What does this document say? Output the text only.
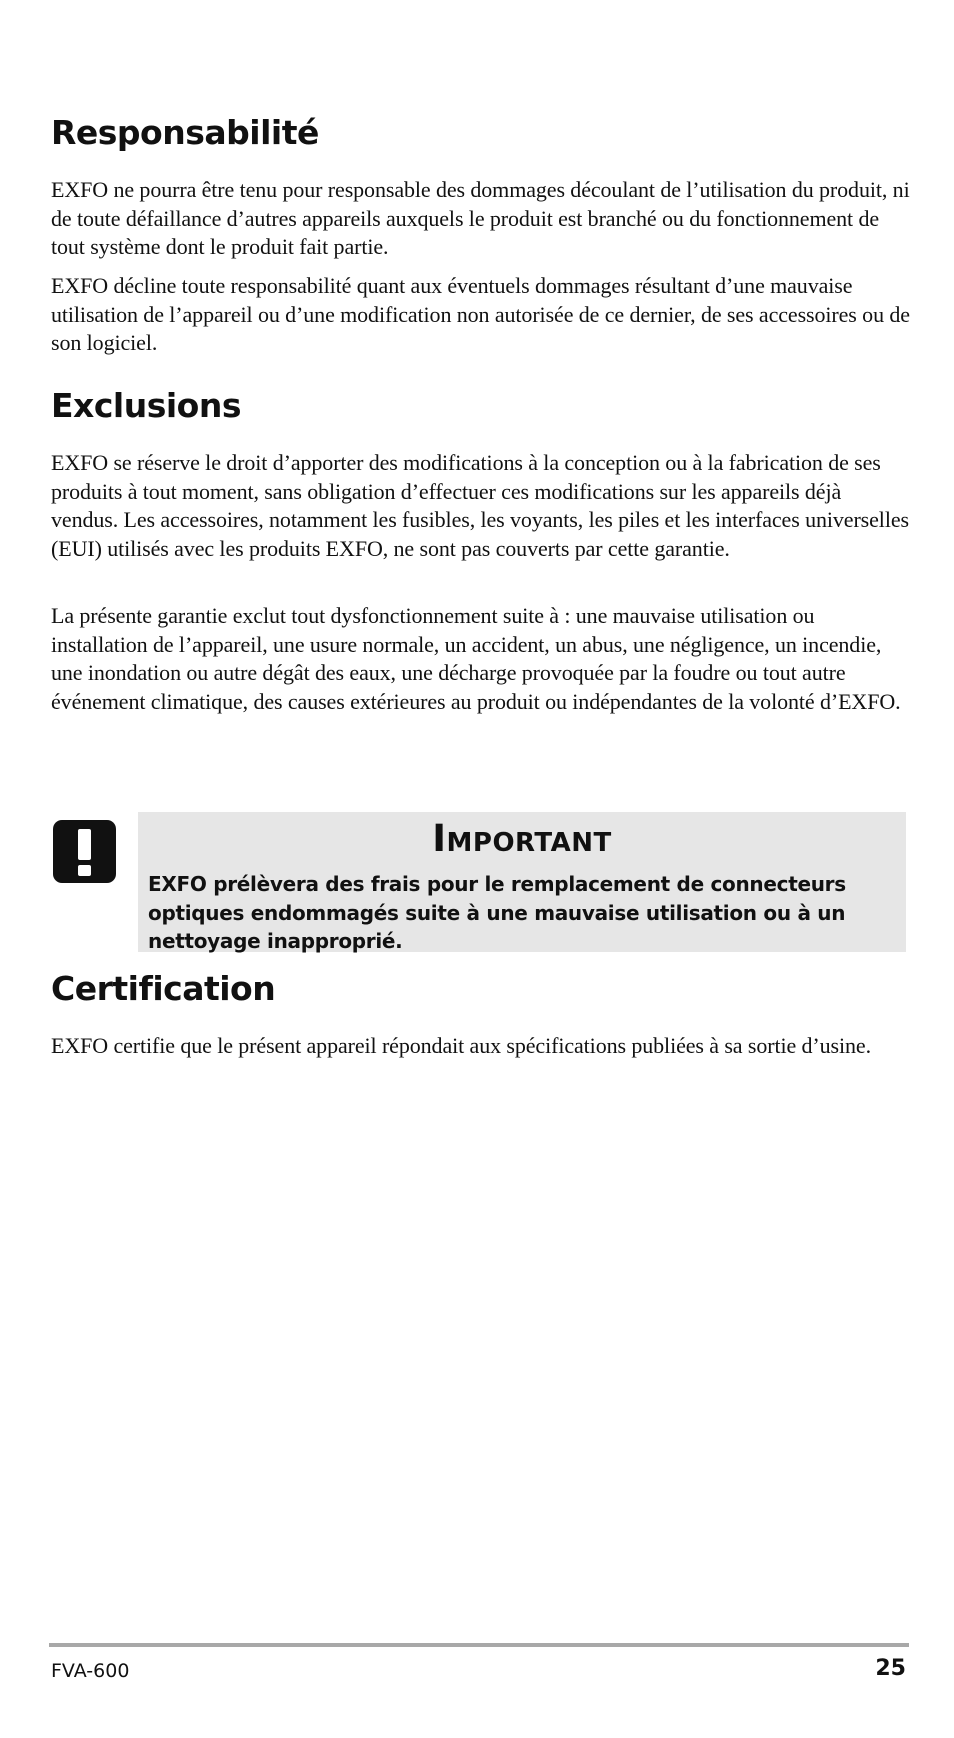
Responsabilité

EXFO ne pourra être tenu pour responsable des dommages découlant de l’utilisation du produit, ni de toute défaillance d’autres appareils auxquels le produit est branché ou du fonctionnement de tout système dont le produit fait partie.

EXFO décline toute responsabilité quant aux éventuels dommages résultant d’une mauvaise utilisation de l’appareil ou d’une modification non autorisée de ce dernier, de ses accessoires ou de son logiciel.

Exclusions

EXFO se réserve le droit d’apporter des modifications à la conception ou à la fabrication de ses produits à tout moment, sans obligation d’effectuer ces modifications sur les appareils déjà vendus. Les accessoires, notamment les fusibles, les voyants, les piles et les interfaces universelles (EUI) utilisés avec les produits EXFO, ne sont pas couverts par cette garantie.

La présente garantie exclut tout dysfonctionnement suite à : une mauvaise utilisation ou installation de l’appareil, une usure normale, un accident, un abus, une négligence, un incendie, une inondation ou autre dégât des eaux, une décharge provoquée par la foudre ou tout autre événement climatique, des causes extérieures au produit ou indépendantes de la volonté d’EXFO.

Certification

EXFO certifie que le présent appareil répondait aux spécifications publiées à sa sortie d’usine.

Important
EXFO prélèvera des frais pour le remplacement de connecteurs optiques endommagés suite à une mauvaise utilisation ou à un nettoyage inapproprié.
FVA-600	25
